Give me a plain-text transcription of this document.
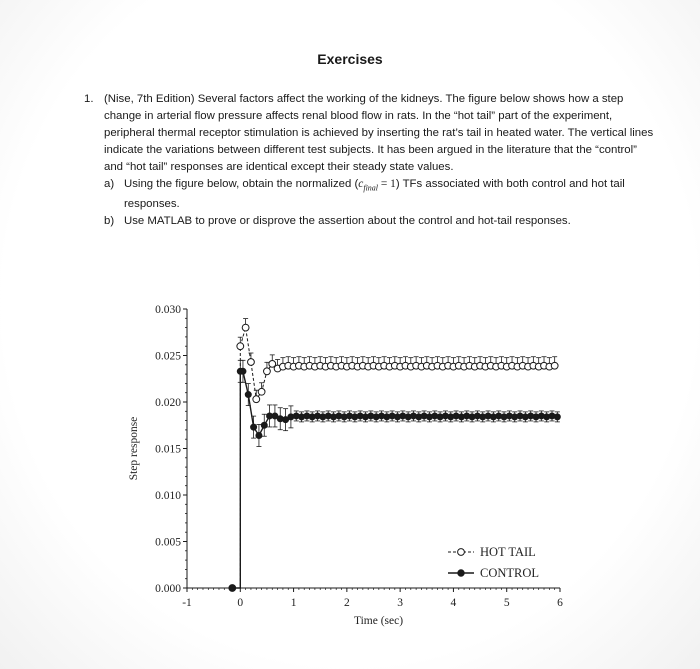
Exercises
1. (Nise, 7th Edition) Several factors affect the working of the kidneys. The figure below shows how a step change in arterial flow pressure affects renal blood flow in rats. In the “hot tail” part of the experiment, peripheral thermal receptor stimulation is achieved by inserting the rat’s tail in heated water. The vertical lines indicate the variations between different test subjects. It has been argued in the literature that the “control” and “hot tail” responses are identical except their steady state values.

a) Using the figure below, obtain the normalized $(c_{final} = 1)$ TFs associated with both control and hot tail responses.

b) Use MATLAB to prove or disprove the assertion about the control and hot-tail responses.

HOT TAIL
CONTROL
0.000
0.005
0.010
0.015
0.020
0.025
0.030
-1	0	1	2	3	4	5	6
Time (sec)
Step response
